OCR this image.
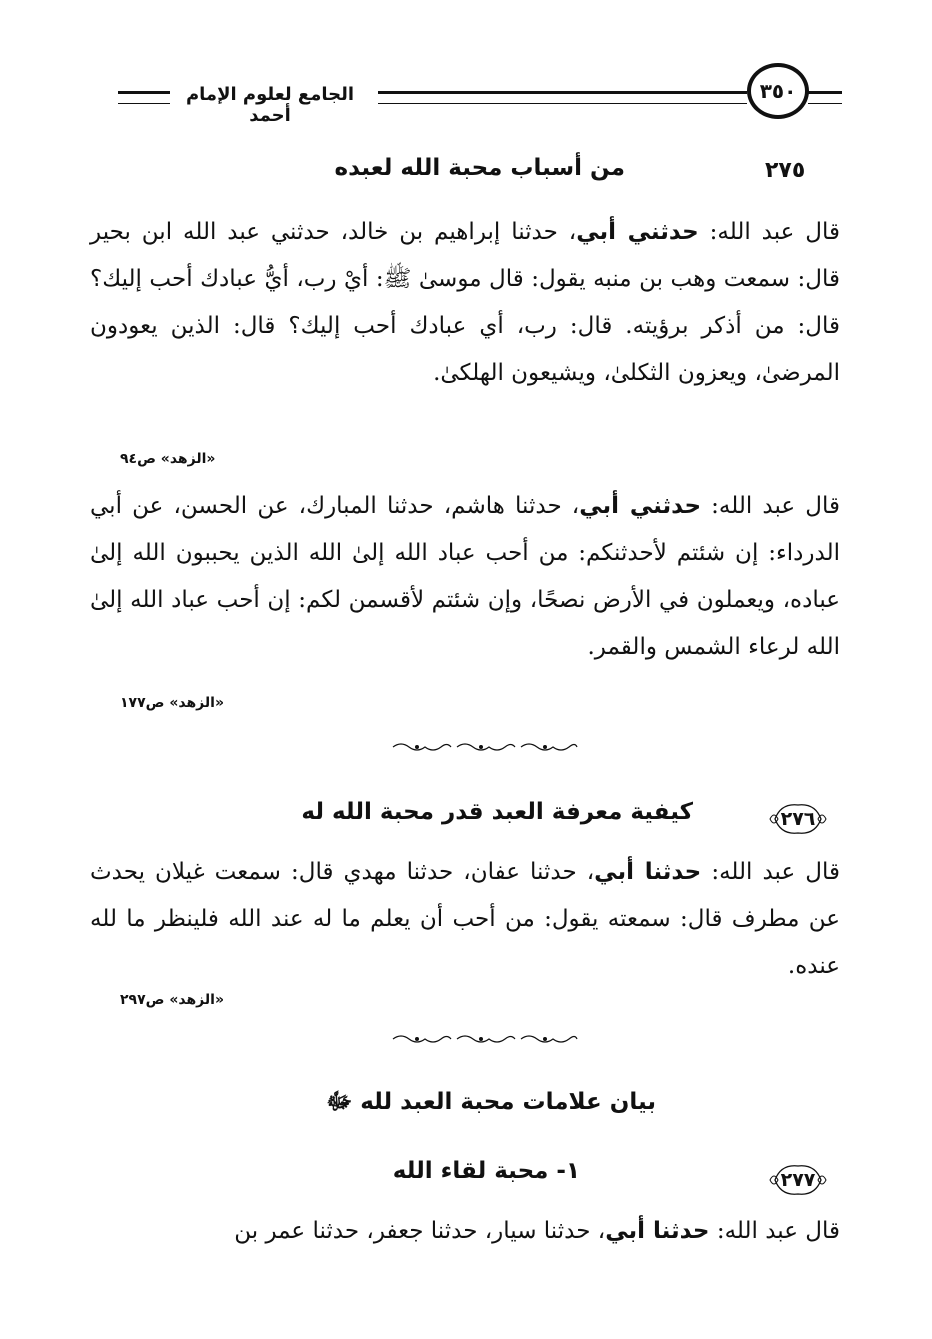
الجامع لعلوم الإمام أحمد
٣٥٠
٢٧٥
من أسباب محبة الله لعبده
قال عبد الله: حدثني أبي، حدثنا إبراهيم بن خالد، حدثني عبد الله ابن بحير قال: سمعت وهب بن منبه يقول: قال موسىٰ ﷺ: أيْ رب، أيُّ عبادك أحب إليك؟ قال: من أذكر برؤيته. قال: رب، أي عبادك أحب إليك؟ قال: الذين يعودون المرضىٰ، ويعزون الثكلىٰ، ويشيعون الهلكىٰ.
«الزهد» ص٩٤
قال عبد الله: حدثني أبي، حدثنا هاشم، حدثنا المبارك، عن الحسن، عن أبي الدرداء: إن شئتم لأحدثنكم: من أحب عباد الله إلىٰ الله الذين يحببون الله إلىٰ عباده، ويعملون في الأرض نصحًا، وإن شئتم لأقسمن لكم: إن أحب عباد الله إلىٰ الله لرعاء الشمس والقمر.
«الزهد» ص١٧٧
٢٧٦
كيفية معرفة العبد قدر محبة الله له
قال عبد الله: حدثنا أبي، حدثنا عفان، حدثنا مهدي قال: سمعت غيلان يحدث عن مطرف قال: سمعته يقول: من أحب أن يعلم ما له عند الله فلينظر ما لله عنده.
«الزهد» ص٢٩٧
بيان علامات محبة العبد لله ﷻ
٢٧٧
١- محبة لقاء الله
قال عبد الله: حدثنا أبي، حدثنا سيار، حدثنا جعفر، حدثنا عمر بن
